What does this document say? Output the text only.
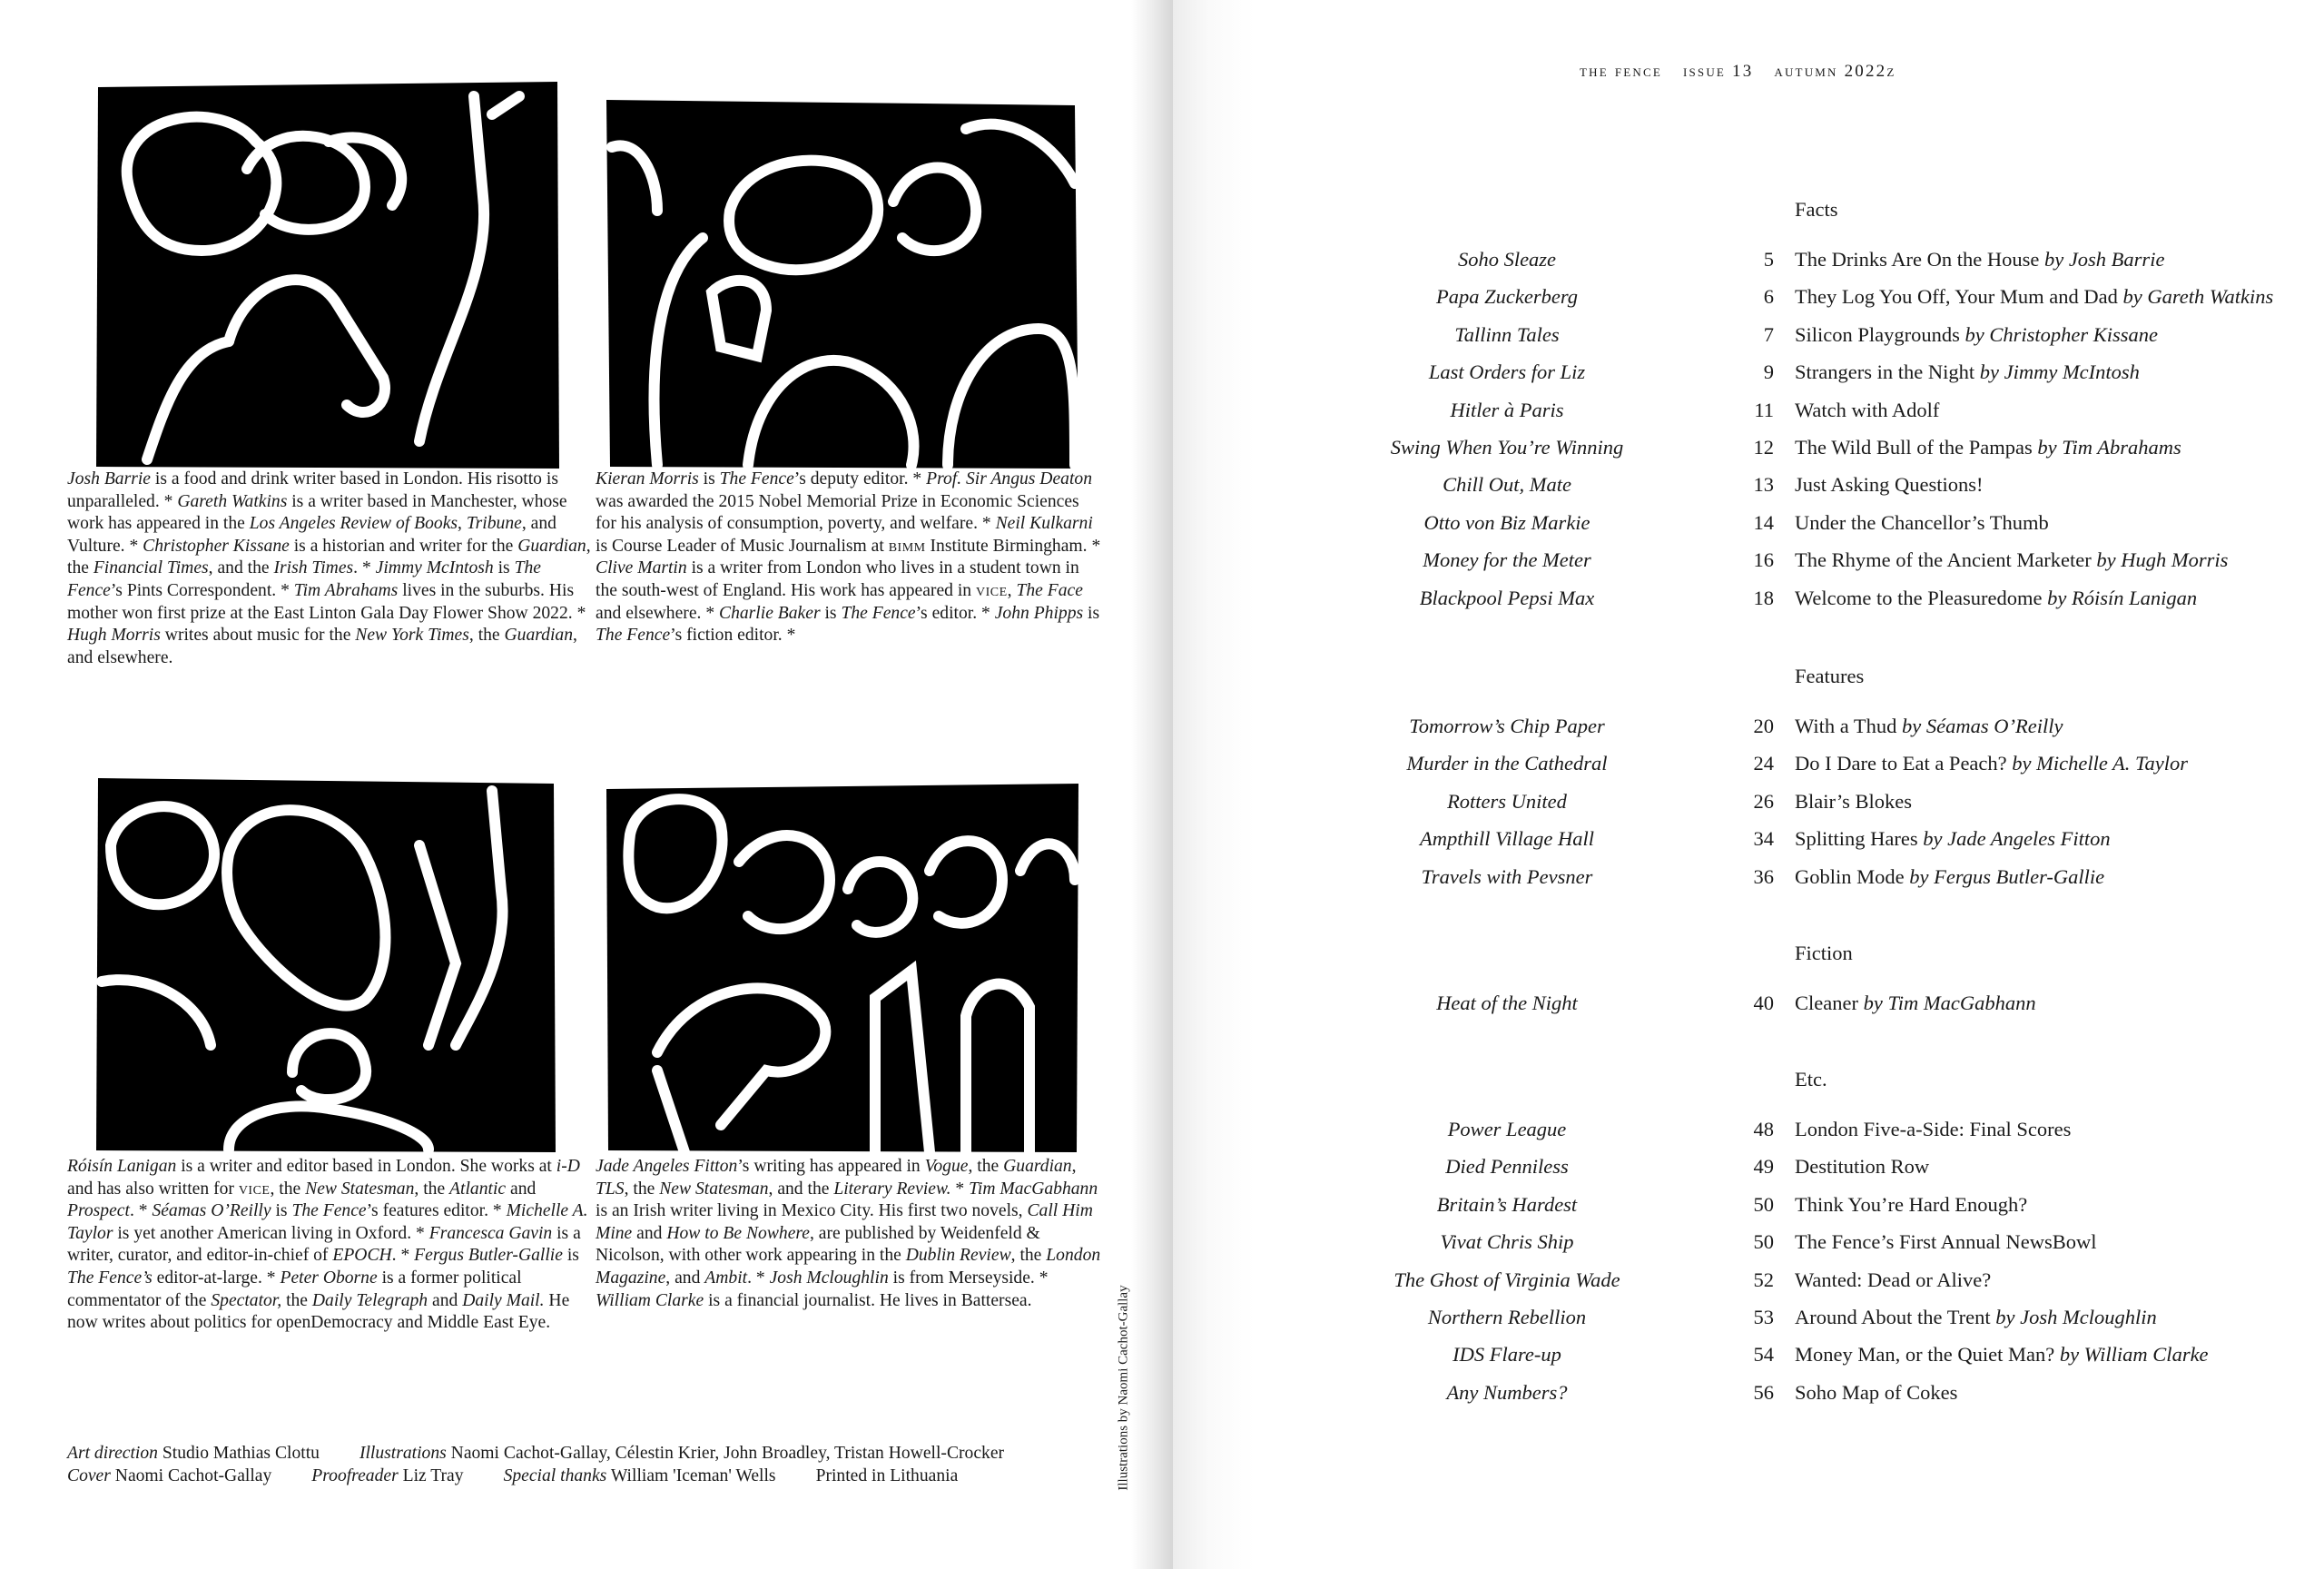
Josh Barrie is a food and drink writer based in London. His risotto is unparalleled. * Gareth Watkins is a writer based in Manchester, whose work has appeared in the Los Angeles Review of Books, Tribune, and Vulture. * Christopher Kissane is a historian and writer for the Guardian, the Financial Times, and the Irish Times. * Jimmy McIntosh is The Fence’s Pints Correspondent. * Tim Abrahams lives in the suburbs. His mother won first prize at the East Linton Gala Day Flower Show 2022. * Hugh Morris writes about music for the New York Times, the Guardian, and elsewhere.

Kieran Morris is The Fence’s deputy editor. * Prof. Sir Angus Deaton was awarded the 2015 Nobel Memorial Prize in Economic Sciences for his analysis of consumption, poverty, and welfare. * Neil Kulkarni is Course Leader of Music Journalism at bimm Institute Birmingham. * Clive Martin is a writer from London who lives in a student town in the south-west of England. His work has appeared in vice, The Face and elsewhere. * Charlie Baker is The Fence’s editor. * John Phipps is The Fence’s fiction editor. *

Róisín Lanigan is a writer and editor based in London. She works at i-D and has also written for vice, the New Statesman, the Atlantic and Prospect. * Séamas O’Reilly is The Fence’s features editor. * Michelle A. Taylor is yet another American living in Oxford. * Francesca Gavin is a writer, curator, and editor-in-chief of EPOCH. * Fergus Butler-Gallie is The Fence’s editor-at-large. * Peter Oborne is a former political commentator of the Spectator, the Daily Telegraph and Daily Mail. He now writes about politics for openDemocracy and Middle East Eye.

Jade Angeles Fitton’s writing has appeared in Vogue, the Guardian, TLS, the New Statesman, and the Literary Review. * Tim MacGabhann is an Irish writer living in Mexico City. His first two novels, Call Him Mine and How to Be Nowhere, are published by Weidenfeld & Nicolson, with other work appearing in the Dublin Review, the London Magazine, and Ambit. * Josh Mcloughlin is from Merseyside. * William Clarke is a financial journalist. He lives in Battersea.

Art direction Studio Mathias Clottu Illustrations Naomi Cachot-Gallay, Célestin Krier, John Broadley, Tristan Howell-Crocker
Cover Naomi Cachot-Gallay Proofreader Liz Tray Special thanks William 'Iceman' Wells Printed in Lithuania	Illustrations by Naomi Cachot-Gallay
the fence issue 13 autumn 2022z
Facts
Soho Sleaze	5 The Drinks Are On the House by Josh Barrie
Papa Zuckerberg	6 They Log You Off, Your Mum and Dad by Gareth Watkins
Tallinn Tales	7 Silicon Playgrounds by Christopher Kissane
Last Orders for Liz	9 Strangers in the Night by Jimmy McIntosh
Hitler à Paris	11 Watch with Adolf
Swing When You’re Winning	12 The Wild Bull of the Pampas by Tim Abrahams
Chill Out, Mate	13 Just Asking Questions!
Otto von Biz Markie	14 Under the Chancellor’s Thumb
Money for the Meter	16 The Rhyme of the Ancient Marketer by Hugh Morris
Blackpool Pepsi Max	18 Welcome to the Pleasuredome by Róisín Lanigan
Features
Tomorrow’s Chip Paper	20 With a Thud by Séamas O’Reilly
Murder in the Cathedral	24 Do I Dare to Eat a Peach? by Michelle A. Taylor
Rotters United	26 Blair’s Blokes
Ampthill Village Hall	34 Splitting Hares by Jade Angeles Fitton
Travels with Pevsner	36 Goblin Mode by Fergus Butler-Gallie
Fiction
Heat of the Night	40 Cleaner by Tim MacGabhann
Etc.
Power League	48 London Five-a-Side: Final Scores
Died Penniless	49 Destitution Row
Britain’s Hardest	50 Think You’re Hard Enough?
Vivat Chris Ship	50 The Fence’s First Annual NewsBowl
The Ghost of Virginia Wade	52 Wanted: Dead or Alive?
Northern Rebellion	53 Around About the Trent by Josh Mcloughlin
IDS Flare-up	54 Money Man, or the Quiet Man? by William Clarke
Any Numbers?	56 Soho Map of Cokes
